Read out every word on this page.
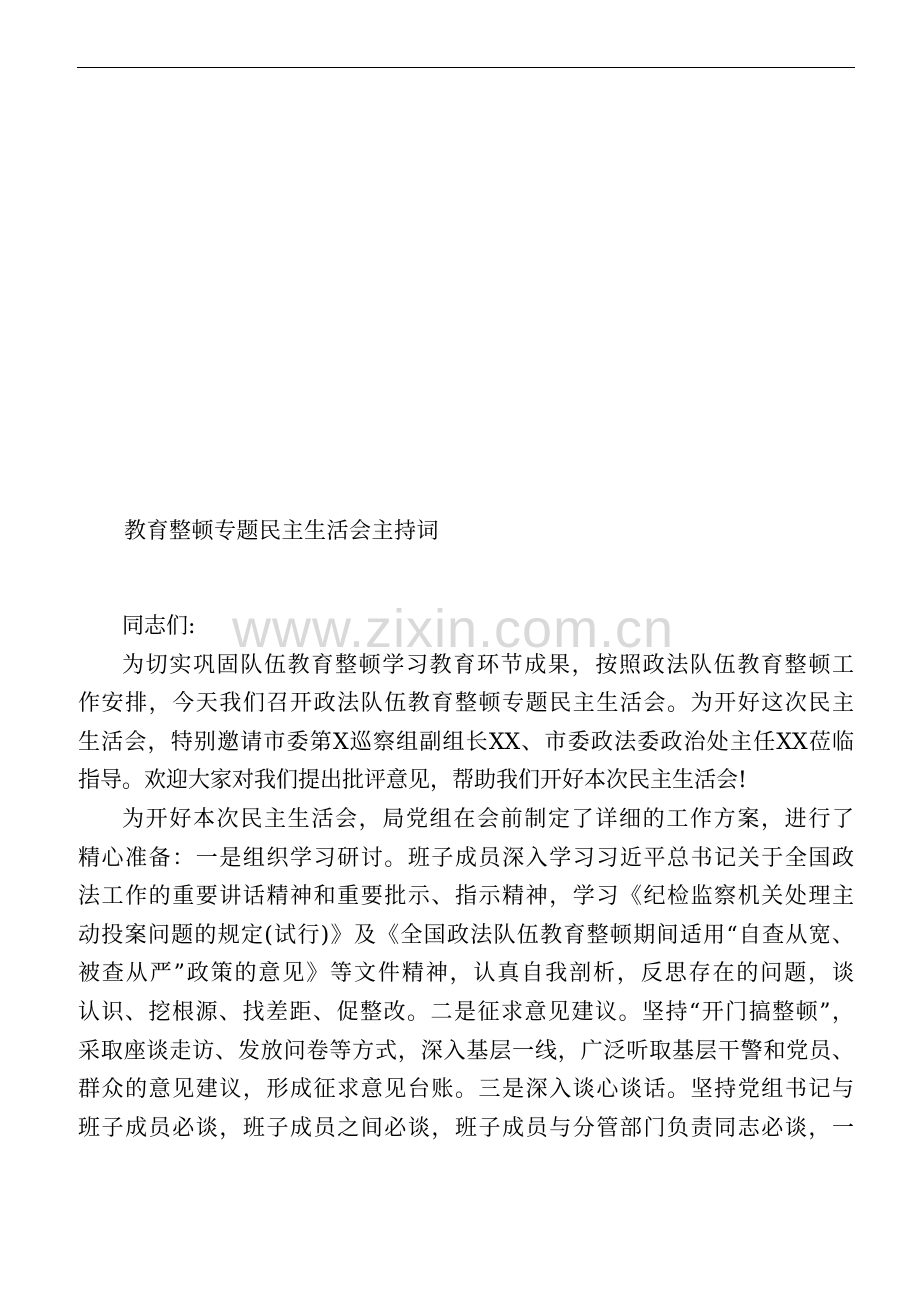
教育整顿专题民主生活会主持词
www.zixin.com.cn
同志们:
为切实巩固队伍教育整顿学习教育环节成果，按照政法队伍教育整顿工
作安排，今天我们召开政法队伍教育整顿专题民主生活会。为开好这次民主
生活会，特别邀请市委第X巡察组副组长XX、市委政法委政治处主任XX莅临
指导。欢迎大家对我们提出批评意见，帮助我们开好本次民主生活会!
为开好本次民主生活会，局党组在会前制定了详细的工作方案，进行了
精心准备：一是组织学习研讨。班子成员深入学习习近平总书记关于全国政
法工作的重要讲话精神和重要批示、指示精神，学习《纪检监察机关处理主
动投案问题的规定(试行)》及《全国政法队伍教育整顿期间适用“自查从宽、
被查从严”政策的意见》等文件精神，认真自我剖析，反思存在的问题，谈
认识、挖根源、找差距、促整改。二是征求意见建议。坚持“开门搞整顿”，
采取座谈走访、发放问卷等方式，深入基层一线，广泛听取基层干警和党员、
群众的意见建议，形成征求意见台账。三是深入谈心谈话。坚持党组书记与
班子成员必谈，班子成员之间必谈，班子成员与分管部门负责同志必谈，一
